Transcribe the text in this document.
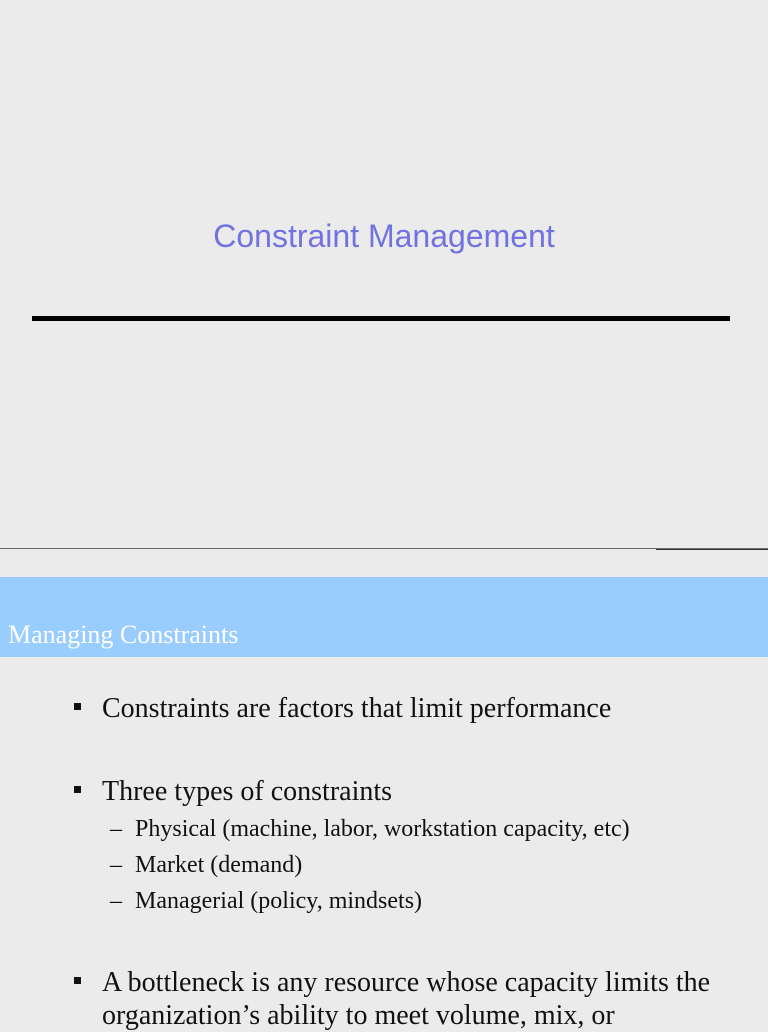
Constraint Management
Managing Constraints
Constraints are factors that limit performance
Three types of constraints
– Physical (machine, labor, workstation capacity, etc)
– Market (demand)
– Managerial (policy, mindsets)
A bottleneck is any resource whose capacity limits the organization’s ability to meet volume, mix, or
